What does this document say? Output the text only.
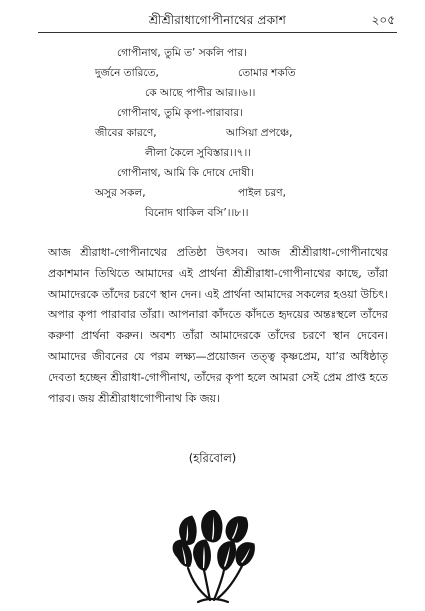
শ্রীশ্রীরাধাগোপীনাথের প্রকাশ	২০৫
গোপীনাথ, তুমি ত’ সকলি পার।
দুর্জনে তারিতে,	তোমার শকতি
কে আছে পাপীর আর।।৬।।
গোপীনাথ, তুমি কৃপা-পারাবার।
জীবের কারণে,	আসিয়া প্রপঞ্চে,
লীলা কৈলে সুবিস্তার।।৭।।
গোপীনাথ, আমি কি দোষে দোষী।
অসুর সকল,	পাইল চরণ,
বিনোদ থাকিল বসি’।।৮।।

আজ শ্রীরাধা-গোপীনাথের প্রতিষ্ঠা উৎসব। আজ শ্রীশ্রীরাধা-গোপীনাথের প্রকাশমান তিথিতে আমাদের এই প্রার্থনা শ্রীশ্রীরাধা-গোপীনাথের কাছে, তাঁরা আমাদেরকে তাঁদের চরণে স্থান দেন। এই প্রার্থনা আমাদের সকলের হওয়া উচিৎ। অপার কৃপা পারাবার তাঁরা। আপনারা কাঁদতে কাঁদতে হৃদয়ের অন্তঃস্থলে তাঁদের করুণা প্রার্থনা করুন। অবশ্য তাঁরা আমাদেরকে তাঁদের চরণে স্থান দেবেন। আমাদের জীবনের যে পরম লক্ষ্য—প্রয়োজন তত্ত্ব কৃষ্ণপ্রেম, যা’র অধিষ্ঠাতৃ দেবতা হচ্ছেন শ্রীরাধা-গোপীনাথ, তাঁদের কৃপা হলে আমরা সেই প্রেম প্রাপ্ত হতে পারব। জয় শ্রীশ্রীরাধাগোপীনাথ কি জয়।

(হরিবোল)
